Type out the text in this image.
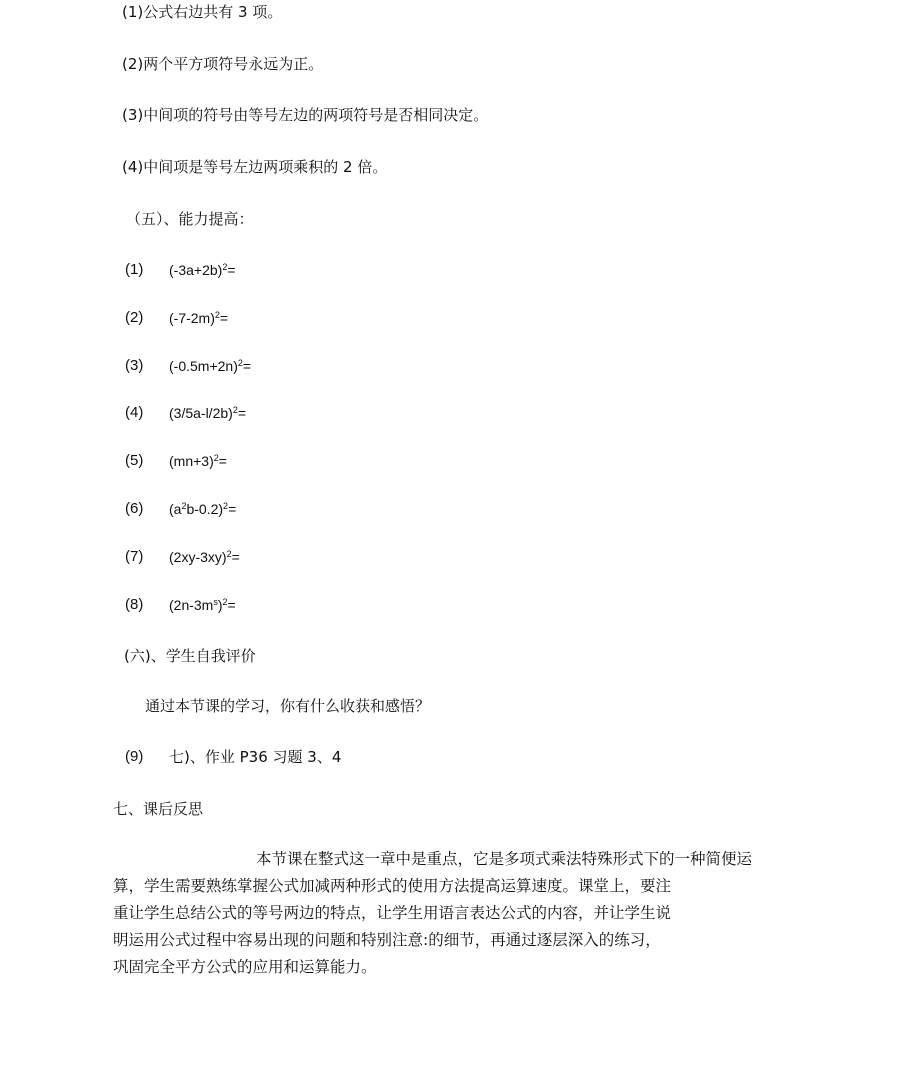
(1)公式右边共有 3 项。
(2)两个平方项符号永远为正。
(3)中间项的符号由等号左边的两项符号是否相同决定。
(4)中间项是等号左边两项乘积的 2 倍。
（五）、能力提高：
(1) $(-3a+2b)^2=$
(2) $(-7-2m)^2=$
(3) $(-0.5m+2n)^2=$
(4) $(3/5a-l/2b)^2=$
(5) $(mn+3)^2=$
(6) $(a^2b-0.2)^2=$
(7) $(2xy-3xy)^2=$
(8) $(2n-3m^s)^2=$
(六)、学生自我评价
通过本节课的学习，你有什么收获和感悟？
(9) 七)、作业 P36 习题 3、4
七、课后反思
本节课在整式这一章中是重点，它是多项式乘法特殊形式下的一种简便运
算，学生需要熟练掌握公式加减两种形式的使用方法提高运算速度。课堂上，要注
重让学生总结公式的等号两边的特点，让学生用语言表达公式的内容，并让学生说
明运用公式过程中容易出现的问题和特别注意:的细节，再通过逐层深入的练习，
巩固完全平方公式的应用和运算能力。
